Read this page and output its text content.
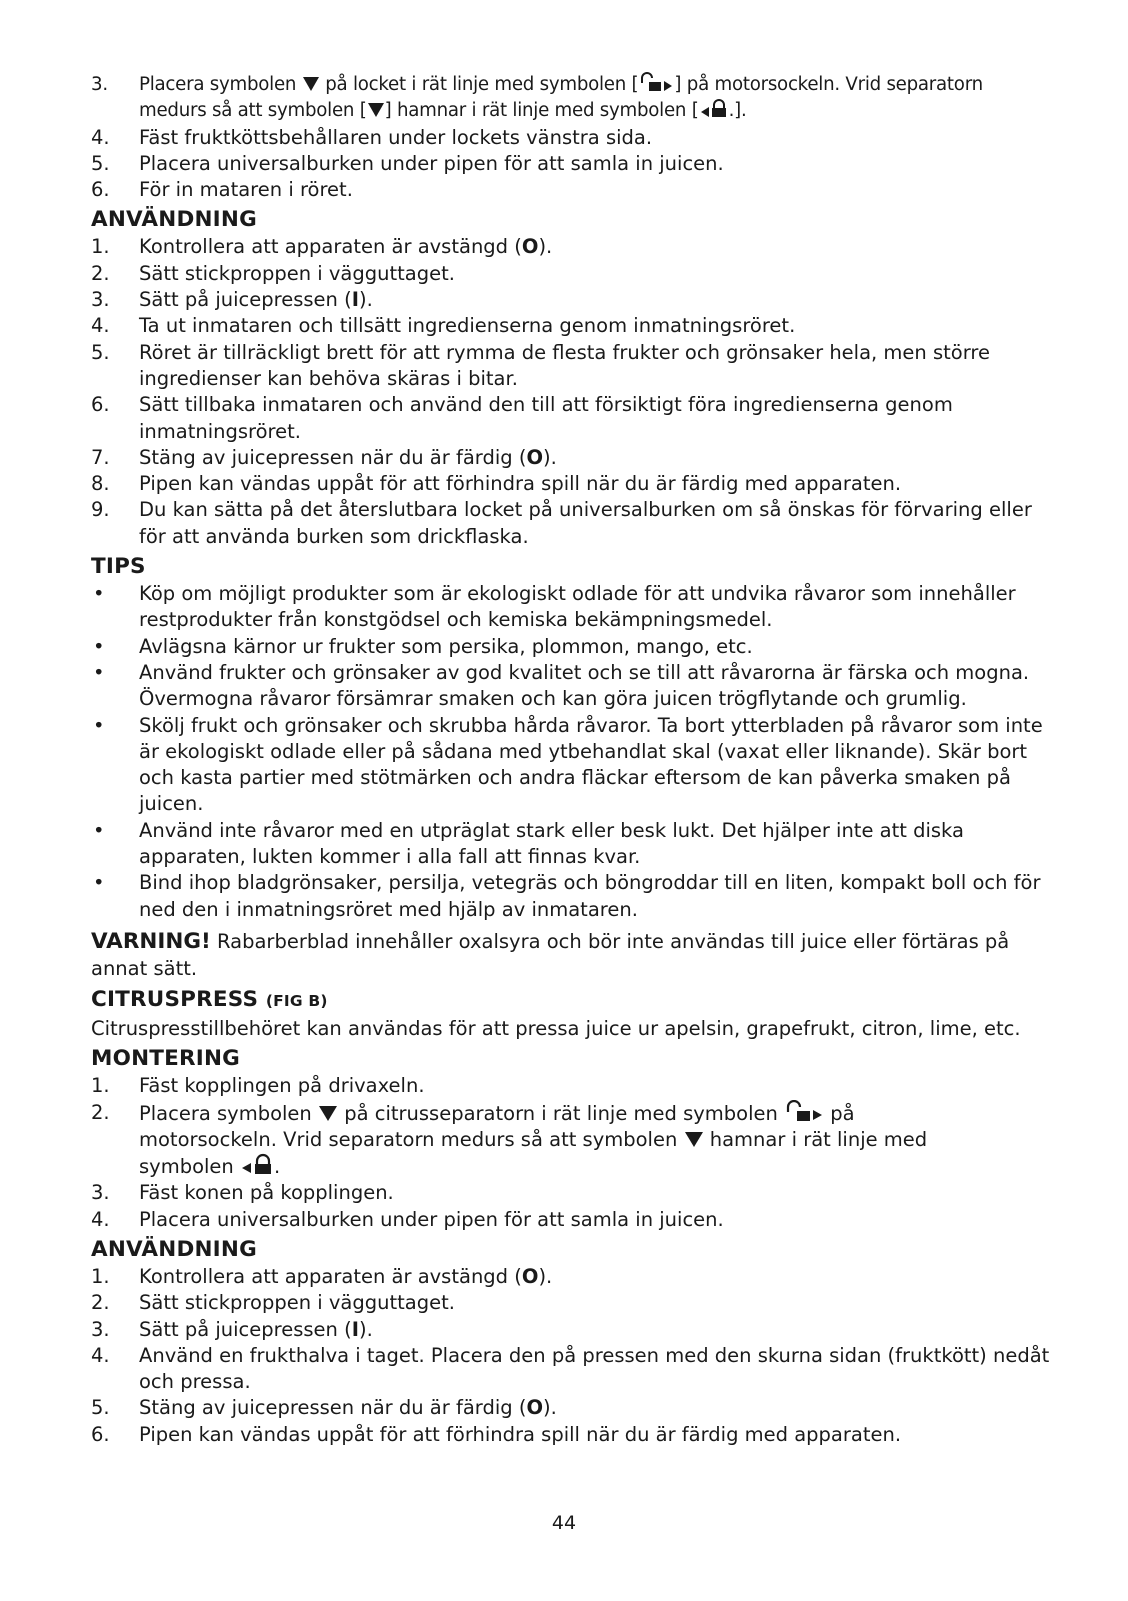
3.	Placera symbolen  på locket i rät linje med symbolen [ ] på motorsockeln. Vrid separatorn
medurs så att symbolen [ ] hamnar i rät linje med symbolen [ .].
4.	Fäst fruktköttsbehållaren under lockets vänstra sida.
5.	Placera universalburken under pipen för att samla in juicen.
6.	För in mataren i röret.
ANVÄNDNING
1.	Kontrollera att apparaten är avstängd (O).
2.	Sätt stickproppen i vägguttaget.
3.	Sätt på juicepressen (I).
4.	Ta ut inmataren och tillsätt ingredienserna genom inmatningsröret.
5.	Röret är tillräckligt brett för att rymma de flesta frukter och grönsaker hela, men större ingredienser kan behöva skäras i bitar.
6.	Sätt tillbaka inmataren och använd den till att försiktigt föra ingredienserna genom inmatningsröret.
7.	Stäng av juicepressen när du är färdig (O).
8.	Pipen kan vändas uppåt för att förhindra spill när du är färdig med apparaten.
9.	Du kan sätta på det återslutbara locket på universalburken om så önskas för förvaring eller för att använda burken som drickflaska.
TIPS
•	Köp om möjligt produkter som är ekologiskt odlade för att undvika råvaror som innehåller restprodukter från konstgödsel och kemiska bekämpningsmedel.
•	Avlägsna kärnor ur frukter som persika, plommon, mango, etc.
•	Använd frukter och grönsaker av god kvalitet och se till att råvarorna är färska och mogna. Övermogna råvaror försämrar smaken och kan göra juicen trögflytande och grumlig.
•	Skölj frukt och grönsaker och skrubba hårda råvaror. Ta bort ytterbladen på råvaror som inte är ekologiskt odlade eller på sådana med ytbehandlat skal (vaxat eller liknande). Skär bort och kasta partier med stötmärken och andra fläckar eftersom de kan påverka smaken på juicen.
•	Använd inte råvaror med en utpräglat stark eller besk lukt. Det hjälper inte att diska apparaten, lukten kommer i alla fall att finnas kvar.
•	Bind ihop bladgrönsaker, persilja, vetegräs och böngroddar till en liten, kompakt boll och för ned den i inmatningsröret med hjälp av inmataren.
VARNING! Rabarberblad innehåller oxalsyra och bör inte användas till juice eller förtäras på annat sätt.
CITRUSPRESS (FIG B)
Citruspresstillbehöret kan användas för att pressa juice ur apelsin, grapefrukt, citron, lime, etc.
MONTERING
1.	Fäst kopplingen på drivaxeln.
2.	Placera symbolen  på citrusseparatorn i rät linje med symbolen  på
motorsockeln. Vrid separatorn medurs så att symbolen  hamnar i rät linje med
symbolen .
3.	Fäst konen på kopplingen.
4.	Placera universalburken under pipen för att samla in juicen.
ANVÄNDNING
1.	Kontrollera att apparaten är avstängd (O).
2.	Sätt stickproppen i vägguttaget.
3.	Sätt på juicepressen (I).
4.	Använd en frukthalva i taget. Placera den på pressen med den skurna sidan (fruktkött) nedåt och pressa.
5.	Stäng av juicepressen när du är färdig (O).
6.	Pipen kan vändas uppåt för att förhindra spill när du är färdig med apparaten.
44
